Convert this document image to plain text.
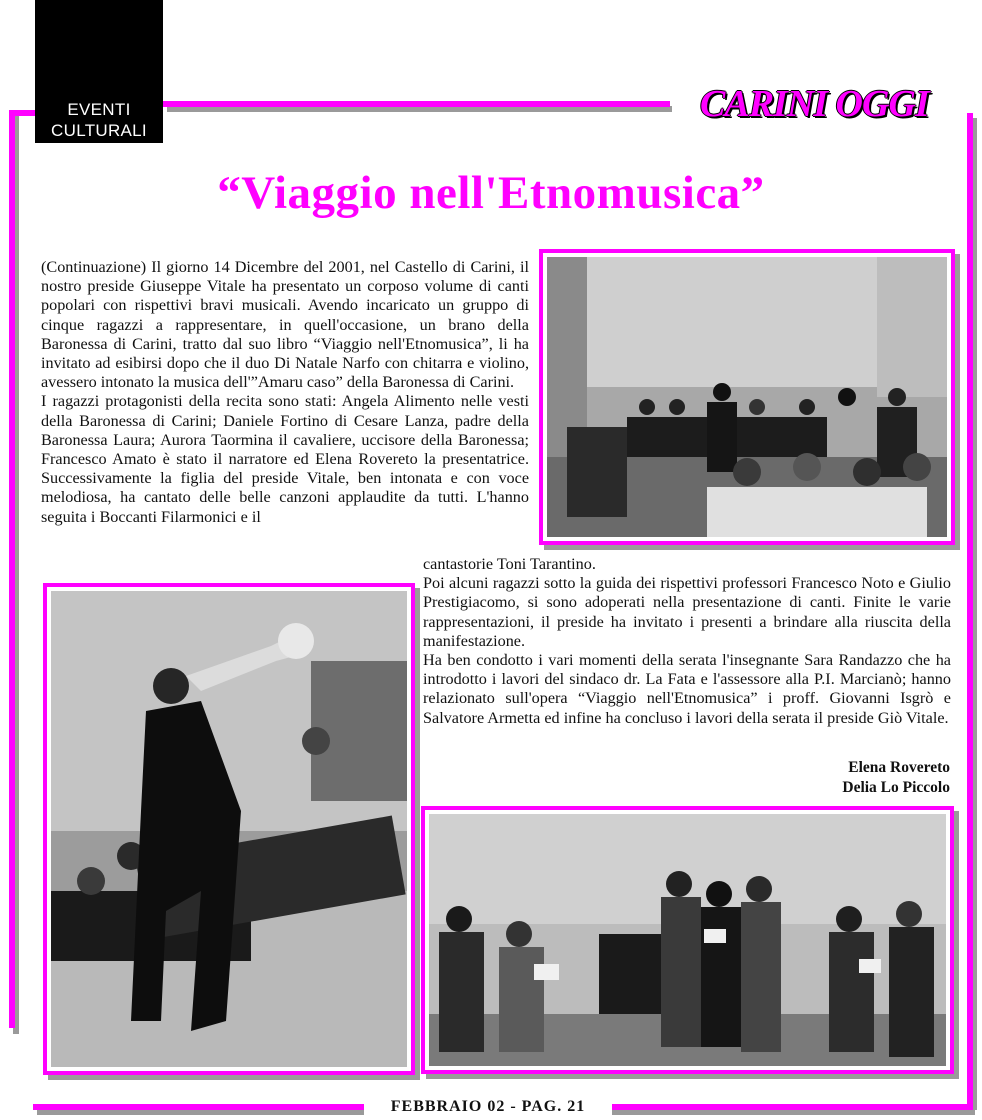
EVENTI
CULTURALI
CARINI OGGI
“Viaggio nell'Etnomusica”

(Continuazione) Il giorno 14 Dicembre del 2001, nel Castello di Carini, il nostro preside Giuseppe Vitale ha presentato un corposo volume di canti popolari con rispettivi bravi musicali. Avendo incaricato un gruppo di cinque ragazzi a rappresentare, in quell'occasione, un brano della Baronessa di Carini, tratto dal suo libro “Viaggio nell'Etnomusica”, li ha invitato ad esibirsi dopo che il duo Di Natale Narfo con chitarra e violino, avessero intonato la musica dell'”Amaru caso” della Baronessa di Carini.

I ragazzi protagonisti della recita sono stati: Angela Alimento nelle vesti della Baronessa di Carini; Daniele Fortino di Cesare Lanza, padre della Baronessa Laura; Aurora Taormina il cavaliere, uccisore della Baronessa; Francesco Amato è stato il narratore ed Elena Rovereto la presentatrice. Successivamente la figlia del preside Vitale, ben intonata e con voce melodiosa, ha cantato delle belle canzoni applaudite da tutti. L'hanno seguita i Boccanti Filarmonici e il

cantastorie Toni Tarantino.

Poi alcuni ragazzi sotto la guida dei rispettivi professori Francesco Noto e Giulio Prestigiacomo, si sono adoperati nella presentazione di canti. Finite le varie rappresentazioni, il preside ha invitato i presenti a brindare alla riuscita della manifestazione.

Ha ben condotto i vari momenti della serata l'insegnante Sara Randazzo che ha introdotto i lavori del sindaco dr. La Fata e l'assessore alla P.I. Marcianò; hanno relazionato sull'opera “Viaggio nell'Etnomusica” i proff. Giovanni Isgrò e Salvatore Armetta ed infine ha concluso i lavori della serata il preside Giò Vitale.

Elena Rovereto
Delia Lo Piccolo
FEBBRAIO 02 - PAG. 21
